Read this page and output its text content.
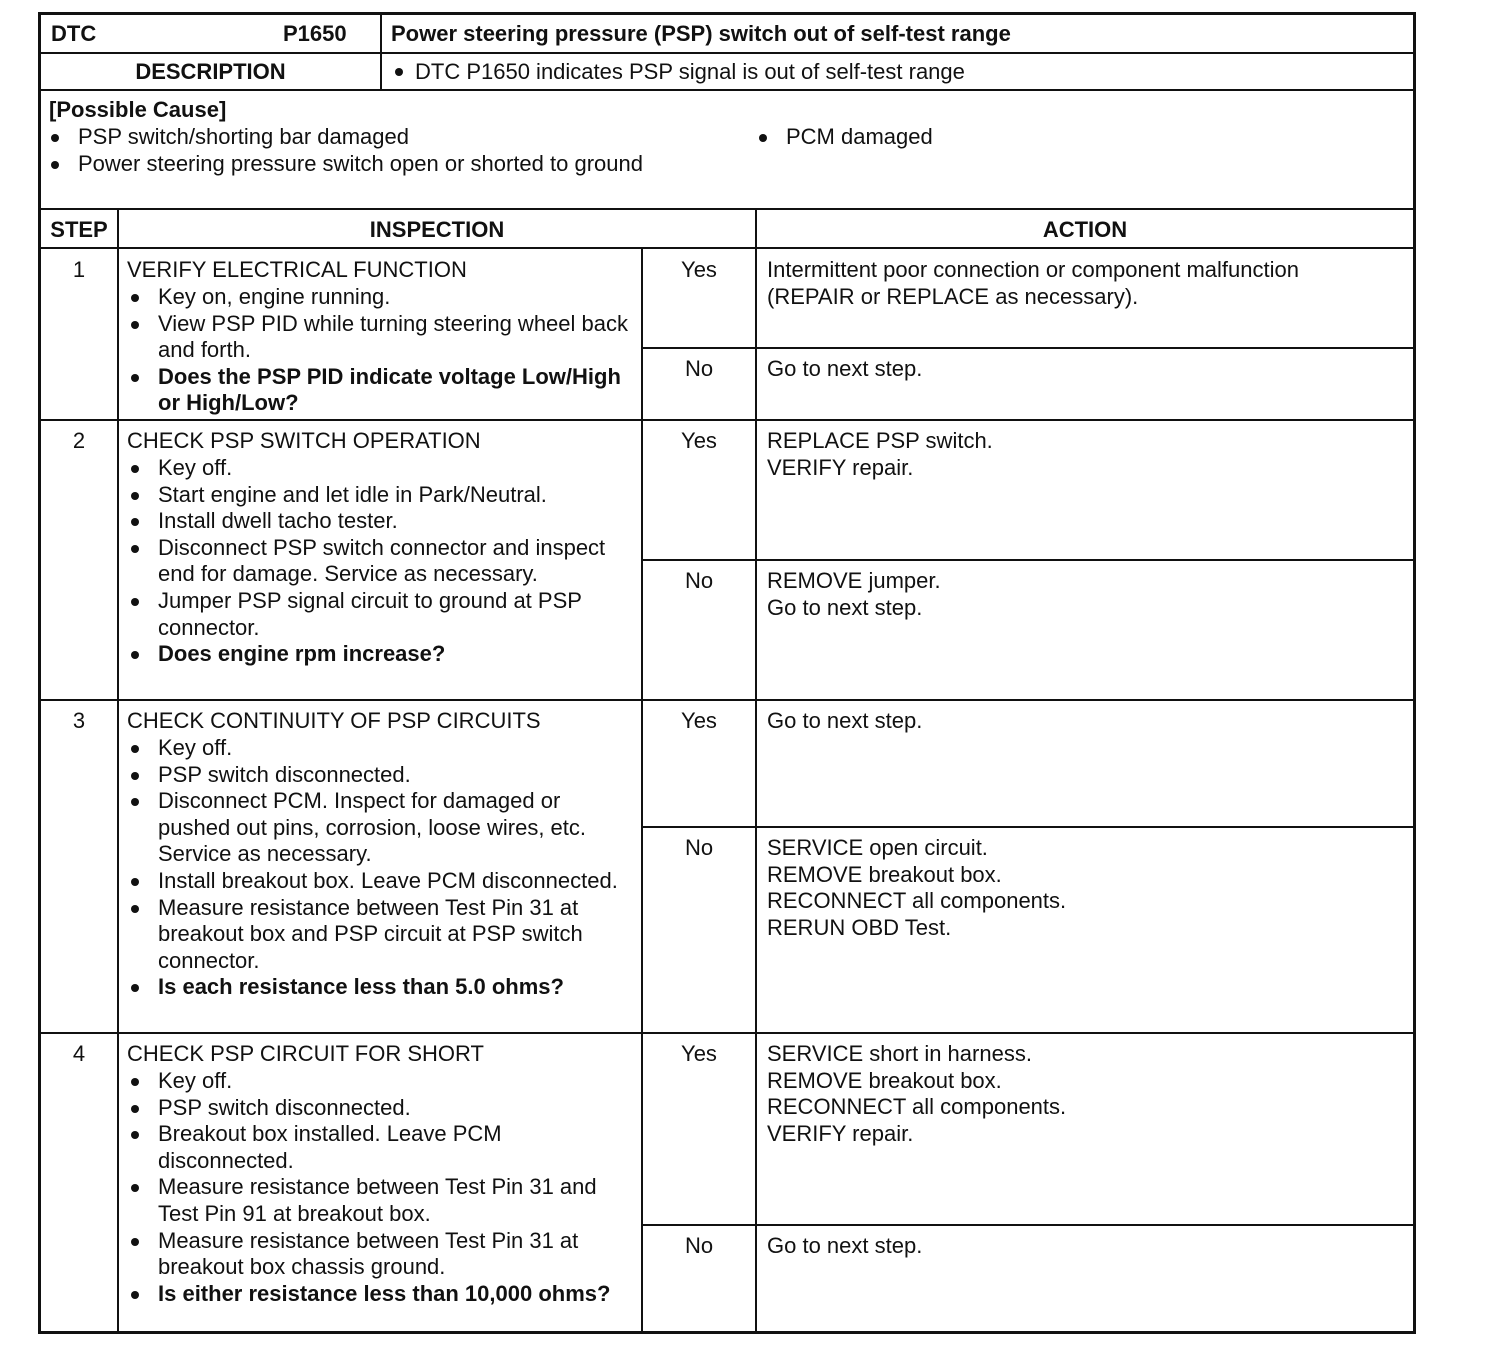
DTC	P1650 Power steering pressure (PSP) switch out of self-test range
DESCRIPTION	DTC P1650 indicates PSP signal is out of self-test range
[Possible Cause]
PSP switch/shorting bar damaged
Power steering pressure switch open or shorted to ground
PCM damaged
STEP	INSPECTION	ACTION
1	VERIFY ELECTRICAL FUNCTION
Key on, engine running.
View PSP PID while turning steering wheel back and forth.
Does the PSP PID indicate voltage Low/High or High/Low?
Yes	Intermittent poor connection or component malfunction
(REPAIR or REPLACE as necessary).
No	Go to next step.
2	CHECK PSP SWITCH OPERATION
Key off.
Start engine and let idle in Park/Neutral.
Install dwell tacho tester.
Disconnect PSP switch connector and inspect end for damage. Service as necessary.
Jumper PSP signal circuit to ground at PSP connector.
Does engine rpm increase?
Yes	REPLACE PSP switch.
VERIFY repair.
No	REMOVE jumper.
Go to next step.
3	CHECK CONTINUITY OF PSP CIRCUITS
Key off.
PSP switch disconnected.
Disconnect PCM. Inspect for damaged or pushed out pins, corrosion, loose wires, etc. Service as necessary.
Install breakout box. Leave PCM disconnected.
Measure resistance between Test Pin 31 at breakout box and PSP circuit at PSP switch connector.
Is each resistance less than 5.0 ohms?
Yes	Go to next step.
No	SERVICE open circuit.
REMOVE breakout box.
RECONNECT all components.
RERUN OBD Test.
4	CHECK PSP CIRCUIT FOR SHORT
Key off.
PSP switch disconnected.
Breakout box installed. Leave PCM disconnected.
Measure resistance between Test Pin 31 and Test Pin 91 at breakout box.
Measure resistance between Test Pin 31 at breakout box chassis ground.
Is either resistance less than 10,000 ohms?
Yes	SERVICE short in harness.
REMOVE breakout box.
RECONNECT all components.
VERIFY repair.
No	Go to next step.
